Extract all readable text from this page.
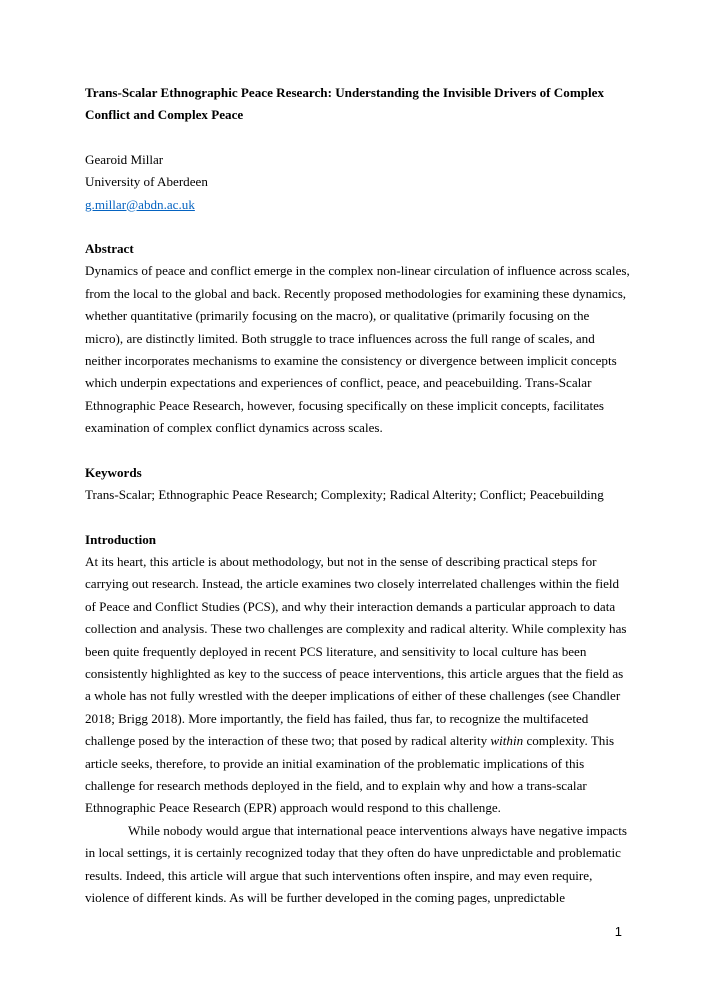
Trans-Scalar Ethnographic Peace Research: Understanding the Invisible Drivers of Complex Conflict and Complex Peace

Gearoid Millar

University of Aberdeen

g.millar@abdn.ac.uk

Abstract

Dynamics of peace and conflict emerge in the complex non-linear circulation of influence across scales, from the local to the global and back. Recently proposed methodologies for examining these dynamics, whether quantitative (primarily focusing on the macro), or qualitative (primarily focusing on the micro), are distinctly limited. Both struggle to trace influences across the full range of scales, and neither incorporates mechanisms to examine the consistency or divergence between implicit concepts which underpin expectations and experiences of conflict, peace, and peacebuilding. Trans-Scalar Ethnographic Peace Research, however, focusing specifically on these implicit concepts, facilitates examination of complex conflict dynamics across scales.

Keywords

Trans-Scalar; Ethnographic Peace Research; Complexity; Radical Alterity; Conflict; Peacebuilding

Introduction

At its heart, this article is about methodology, but not in the sense of describing practical steps for carrying out research. Instead, the article examines two closely interrelated challenges within the field of Peace and Conflict Studies (PCS), and why their interaction demands a particular approach to data collection and analysis. These two challenges are complexity and radical alterity. While complexity has been quite frequently deployed in recent PCS literature, and sensitivity to local culture has been consistently highlighted as key to the success of peace interventions, this article argues that the field as a whole has not fully wrestled with the deeper implications of either of these challenges (see Chandler 2018; Brigg 2018). More importantly, the field has failed, thus far, to recognize the multifaceted challenge posed by the interaction of these two; that posed by radical alterity within complexity. This article seeks, therefore, to provide an initial examination of the problematic implications of this challenge for research methods deployed in the field, and to explain why and how a trans-scalar Ethnographic Peace Research (EPR) approach would respond to this challenge.

While nobody would argue that international peace interventions always have negative impacts in local settings, it is certainly recognized today that they often do have unpredictable and problematic results. Indeed, this article will argue that such interventions often inspire, and may even require, violence of different kinds. As will be further developed in the coming pages, unpredictable

1
